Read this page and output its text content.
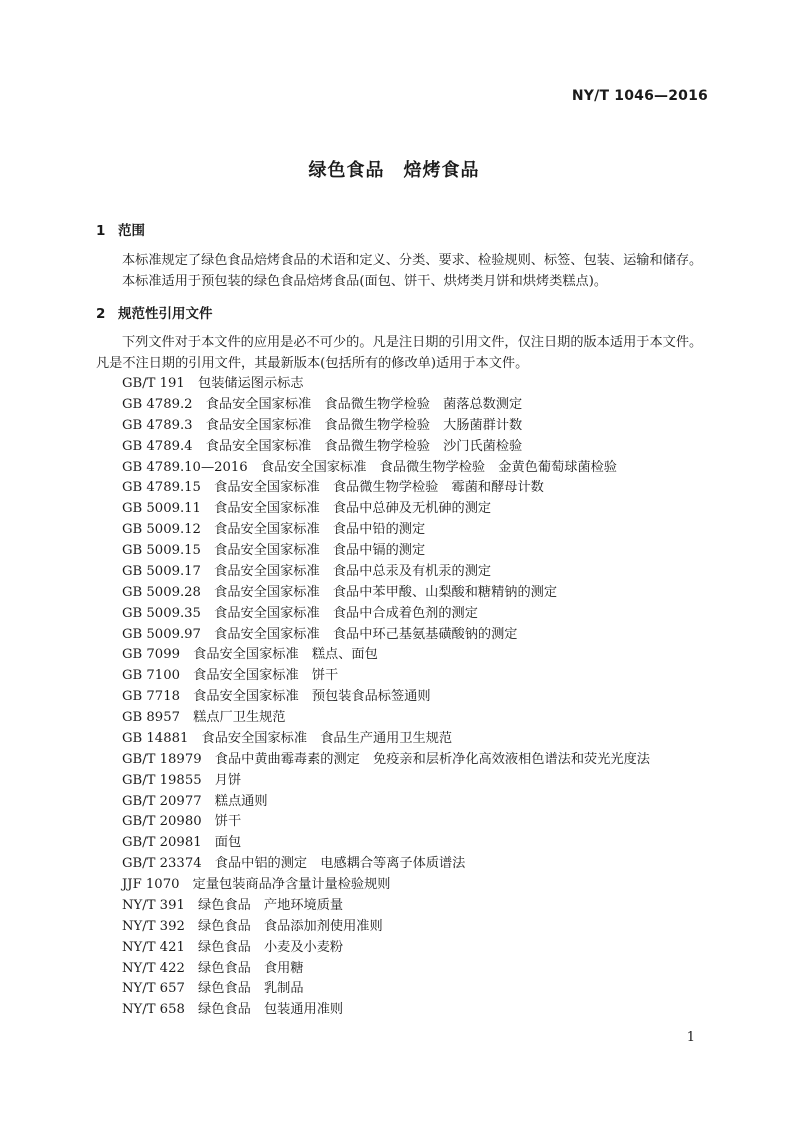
NY/T 1046—2016
绿色食品　焙烤食品
1 范围
本标准规定了绿色食品焙烤食品的术语和定义、分类、要求、检验规则、标签、包装、运输和储存。
本标准适用于预包装的绿色食品焙烤食品(面包、饼干、烘烤类月饼和烘烤类糕点)。
2 规范性引用文件
下列文件对于本文件的应用是必不可少的。凡是注日期的引用文件，仅注日期的版本适用于本文件。凡是不注日期的引用文件，其最新版本(包括所有的修改单)适用于本文件。
GB/T 191　包装储运图示标志
GB 4789.2　食品安全国家标准　食品微生物学检验　菌落总数测定
GB 4789.3　食品安全国家标准　食品微生物学检验　大肠菌群计数
GB 4789.4　食品安全国家标准　食品微生物学检验　沙门氏菌检验
GB 4789.10—2016　食品安全国家标准　食品微生物学检验　金黄色葡萄球菌检验
GB 4789.15　食品安全国家标准　食品微生物学检验　霉菌和酵母计数
GB 5009.11　食品安全国家标准　食品中总砷及无机砷的测定
GB 5009.12　食品安全国家标准　食品中铅的测定
GB 5009.15　食品安全国家标准　食品中镉的测定
GB 5009.17　食品安全国家标准　食品中总汞及有机汞的测定
GB 5009.28　食品安全国家标准　食品中苯甲酸、山梨酸和糖精钠的测定
GB 5009.35　食品安全国家标准　食品中合成着色剂的测定
GB 5009.97　食品安全国家标准　食品中环己基氨基磺酸钠的测定
GB 7099　食品安全国家标准　糕点、面包
GB 7100　食品安全国家标准　饼干
GB 7718　食品安全国家标准　预包装食品标签通则
GB 8957　糕点厂卫生规范
GB 14881　食品安全国家标准　食品生产通用卫生规范
GB/T 18979　食品中黄曲霉毒素的测定　免疫亲和层析净化高效液相色谱法和荧光光度法
GB/T 19855　月饼
GB/T 20977　糕点通则
GB/T 20980　饼干
GB/T 20981　面包
GB/T 23374　食品中铝的测定　电感耦合等离子体质谱法
JJF 1070　定量包装商品净含量计量检验规则
NY/T 391　绿色食品　产地环境质量
NY/T 392　绿色食品　食品添加剂使用准则
NY/T 421　绿色食品　小麦及小麦粉
NY/T 422　绿色食品　食用糖
NY/T 657　绿色食品　乳制品
NY/T 658　绿色食品　包装通用准则
1
